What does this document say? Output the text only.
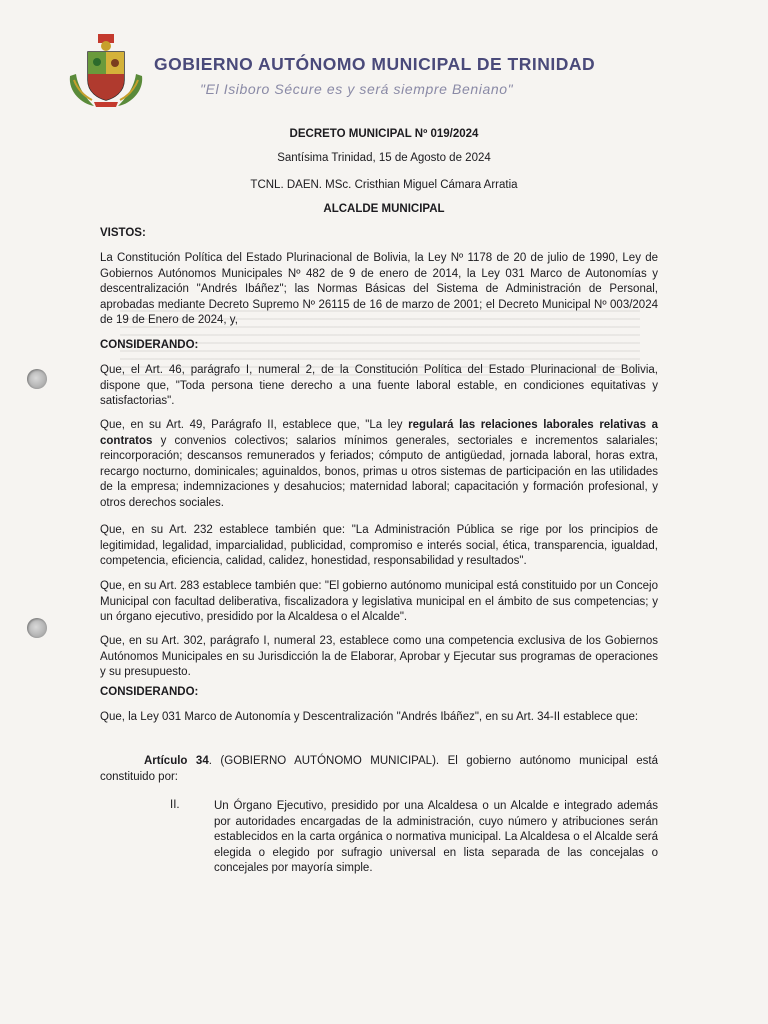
GOBIERNO AUTÓNOMO MUNICIPAL DE TRINIDAD
"El Isiboro Sécure es y será siempre Beniano"
DECRETO MUNICIPAL Nº 019/2024
Santísima Trinidad, 15 de Agosto de 2024
TCNL. DAEN. MSc. Cristhian Miguel Cámara Arratia
ALCALDE MUNICIPAL
VISTOS:
La Constitución Política del Estado Plurinacional de Bolivia, la Ley Nº 1178 de 20 de julio de 1990, Ley de Gobiernos Autónomos Municipales Nº 482 de 9 de enero de 2014, la Ley 031 Marco de Autonomías y descentralización "Andrés Ibáñez"; las Normas Básicas del Sistema de Administración de Personal, aprobadas mediante Decreto Supremo Nº 26115 de 16 de marzo de 2001; el Decreto Municipal Nº 003/2024 de 19 de Enero de 2024, y,
CONSIDERANDO:
Que, el Art. 46, parágrafo I, numeral 2, de la Constitución Política del Estado Plurinacional de Bolivia, dispone que, "Toda persona tiene derecho a una fuente laboral estable, en condiciones equitativas y satisfactorias".
Que, en su Art. 49, Parágrafo II, establece que, "La ley regulará las relaciones laborales relativas a contratos y convenios colectivos; salarios mínimos generales, sectoriales e incrementos salariales; reincorporación; descansos remunerados y feriados; cómputo de antigüedad, jornada laboral, horas extra, recargo nocturno, dominicales; aguinaldos, bonos, primas u otros sistemas de participación en las utilidades de la empresa; indemnizaciones y desahucios; maternidad laboral; capacitación y formación profesional, y otros derechos sociales.
Que, en su Art. 232 establece también que: "La Administración Pública se rige por los principios de legitimidad, legalidad, imparcialidad, publicidad, compromiso e interés social, ética, transparencia, igualdad, competencia, eficiencia, calidad, calidez, honestidad, responsabilidad y resultados".
Que, en su Art. 283 establece también que: "El gobierno autónomo municipal está constituido por un Concejo Municipal con facultad deliberativa, fiscalizadora y legislativa municipal en el ámbito de sus competencias; y un órgano ejecutivo, presidido por la Alcaldesa o el Alcalde".
Que, en su Art. 302, parágrafo I, numeral 23, establece como una competencia exclusiva de los Gobiernos Autónomos Municipales en su Jurisdicción la de Elaborar, Aprobar y Ejecutar sus programas de operaciones y su presupuesto.
CONSIDERANDO:
Que, la Ley 031 Marco de Autonomía y Descentralización "Andrés Ibáñez", en su Art. 34-II establece que:
Artículo 34. (GOBIERNO AUTÓNOMO MUNICIPAL). El gobierno autónomo municipal está constituido por:
II.	Un Órgano Ejecutivo, presidido por una Alcaldesa o un Alcalde e integrado además por autoridades encargadas de la administración, cuyo número y atribuciones serán establecidos en la carta orgánica o normativa municipal. La Alcaldesa o el Alcalde será elegida o elegido por sufragio universal en lista separada de las concejalas o concejales por mayoría simple.
